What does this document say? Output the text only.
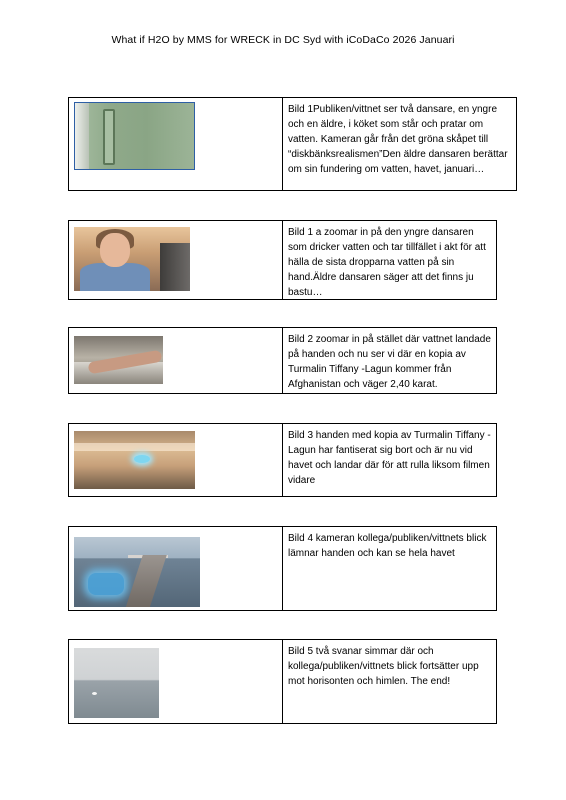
What if H2O by MMS for WRECK in DC Syd with iCoDaCo 2026 Januari
Bild 1Publiken/vittnet ser två dansare, en yngre och en äldre, i köket som står och pratar om vatten. Kameran går från det gröna skåpet till “diskbänksrealismen”Den äldre dansaren berättar om sin fundering om vatten, havet, januari…
Bild 1 a zoomar in på den yngre dansaren som dricker vatten och tar tillfället i akt för att hälla de sista dropparna vatten på sin hand.Äldre dansaren säger att det finns ju bastu…
Bild 2 zoomar in på stället där vattnet landade på handen och nu ser vi där en kopia av Turmalin Tiffany -Lagun kommer från Afghanistan och väger 2,40 karat.
Bild 3 handen med kopia av Turmalin Tiffany -Lagun har fantiserat sig bort och är nu vid havet och landar där för att rulla liksom filmen vidare
Bild 4 kameran kollega/publiken/vittnets blick lämnar handen och kan se hela havet
Bild 5 två svanar simmar där och kollega/publiken/vittnets blick fortsätter upp mot horisonten och himlen. The end!
